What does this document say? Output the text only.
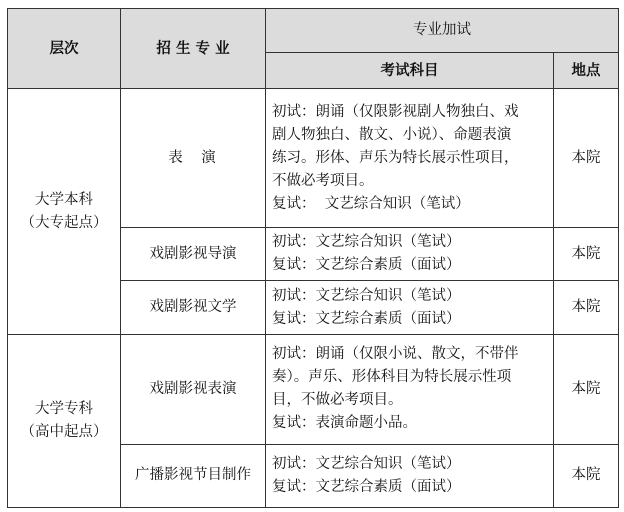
层次	招 生 专 业	专业加试	
		考试科目	地点

大学本科
（大专起点）	表　演	初试：朗诵（仅限影视剧人物独白、戏
剧人物独白、散文、小说）、命题表演
练习。形体、声乐为特长展示性项目，
不做必考项目。
复试：  文艺综合知识（笔试）	本院
	戏剧影视导演	初试：文艺综合知识（笔试）
复试：文艺综合素质（面试）	本院
	戏剧影视文学	初试：文艺综合知识（笔试）
复试：文艺综合素质（面试）	本院

大学专科
（高中起点）	戏剧影视表演	初试：朗诵（仅限小说、散文，不带伴
奏）。声乐、形体科目为特长展示性项
目，不做必考项目。
复试：表演命题小品。	本院
	广播影视节目制作	初试：文艺综合知识（笔试）
复试：文艺综合素质（面试）	本院
